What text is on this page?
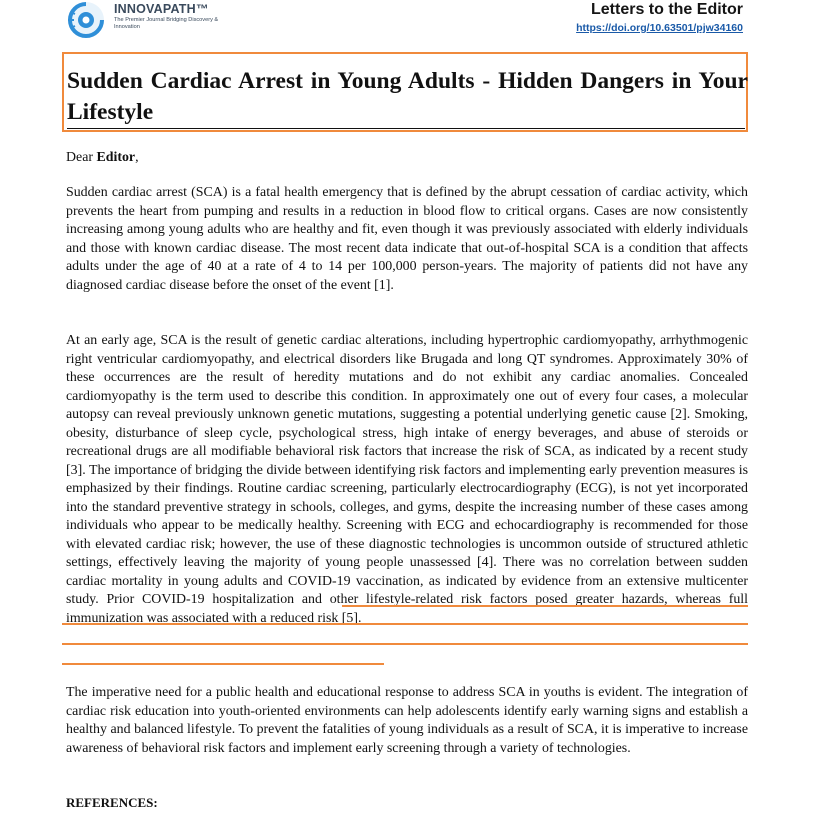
INNOVAPATH™
The Premier Journal Bridging Discovery & Innovation
Letters to the Editor
https://doi.org/10.63501/pjw34160
Sudden Cardiac Arrest in Young Adults - Hidden Dangers in Your Lifestyle

Dear Editor,

Sudden cardiac arrest (SCA) is a fatal health emergency that is defined by the abrupt cessation of cardiac activity, which prevents the heart from pumping and results in a reduction in blood flow to critical organs. Cases are now consistently increasing among young adults who are healthy and fit, even though it was previously associated with elderly individuals and those with known cardiac disease. The most recent data indicate that out-of-hospital SCA is a condition that affects adults under the age of 40 at a rate of 4 to 14 per 100,000 person-years. The majority of patients did not have any diagnosed cardiac disease before the onset of the event [1].

At an early age, SCA is the result of genetic cardiac alterations, including hypertrophic cardiomyopathy, arrhythmogenic right ventricular cardiomyopathy, and electrical disorders like Brugada and long QT syndromes. Approximately 30% of these occurrences are the result of heredity mutations and do not exhibit any cardiac anomalies. Concealed cardiomyopathy is the term used to describe this condition. In approximately one out of every four cases, a molecular autopsy can reveal previously unknown genetic mutations, suggesting a potential underlying genetic cause [2]. Smoking, obesity, disturbance of sleep cycle, psychological stress, high intake of energy beverages, and abuse of steroids or recreational drugs are all modifiable behavioral risk factors that increase the risk of SCA, as indicated by a recent study [3]. The importance of bridging the divide between identifying risk factors and implementing early prevention measures is emphasized by their findings. Routine cardiac screening, particularly electrocardiography (ECG), is not yet incorporated into the standard preventive strategy in schools, colleges, and gyms, despite the increasing number of these cases among individuals who appear to be medically healthy. Screening with ECG and echocardiography is recommended for those with elevated cardiac risk; however, the use of these diagnostic technologies is uncommon outside of structured athletic settings, effectively leaving the majority of young people unassessed [4]. There was no correlation between sudden cardiac mortality in young adults and COVID-19 vaccination, as indicated by evidence from an extensive multicenter study. Prior COVID-19 hospitalization and other lifestyle-related risk factors posed greater hazards, whereas full immunization was associated with a reduced risk [5].

The imperative need for a public health and educational response to address SCA in youths is evident. The integration of cardiac risk education into youth-oriented environments can help adolescents identify early warning signs and establish a healthy and balanced lifestyle. To prevent the fatalities of young individuals as a result of SCA, it is imperative to increase awareness of behavioral risk factors and implement early screening through a variety of technologies.

REFERENCES:
